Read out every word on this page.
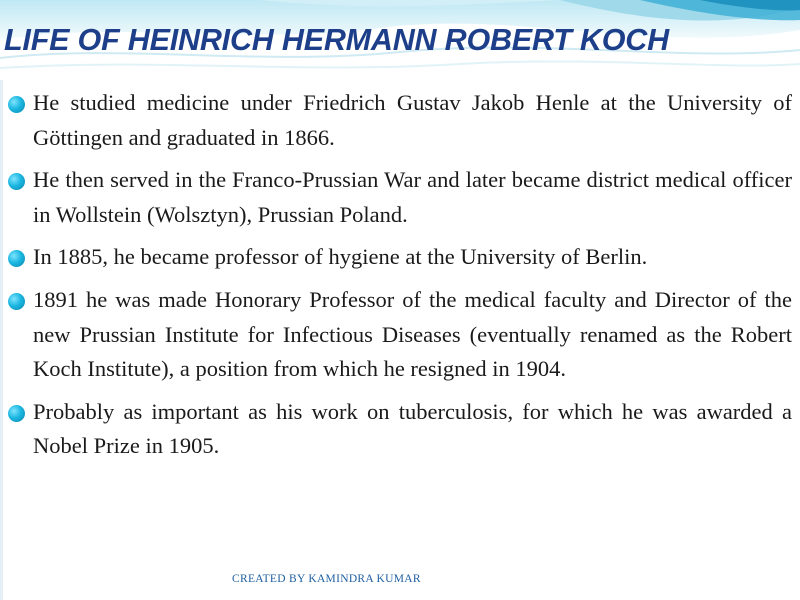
LIFE OF HEINRICH HERMANN ROBERT KOCH
He studied medicine under Friedrich Gustav Jakob Henle at the University of Göttingen and graduated in 1866.
He then served in the Franco-Prussian War and later became district medical officer in Wollstein (Wolsztyn), Prussian Poland.
In 1885, he became professor of hygiene at the University of Berlin.
1891 he was made Honorary Professor of the medical faculty and Director of the new Prussian Institute for Infectious Diseases (eventually renamed as the Robert Koch Institute), a position from which he resigned in 1904.
Probably as important as his work on tuberculosis, for which he was awarded a Nobel Prize in 1905.
CREATED BY KAMINDRA KUMAR
